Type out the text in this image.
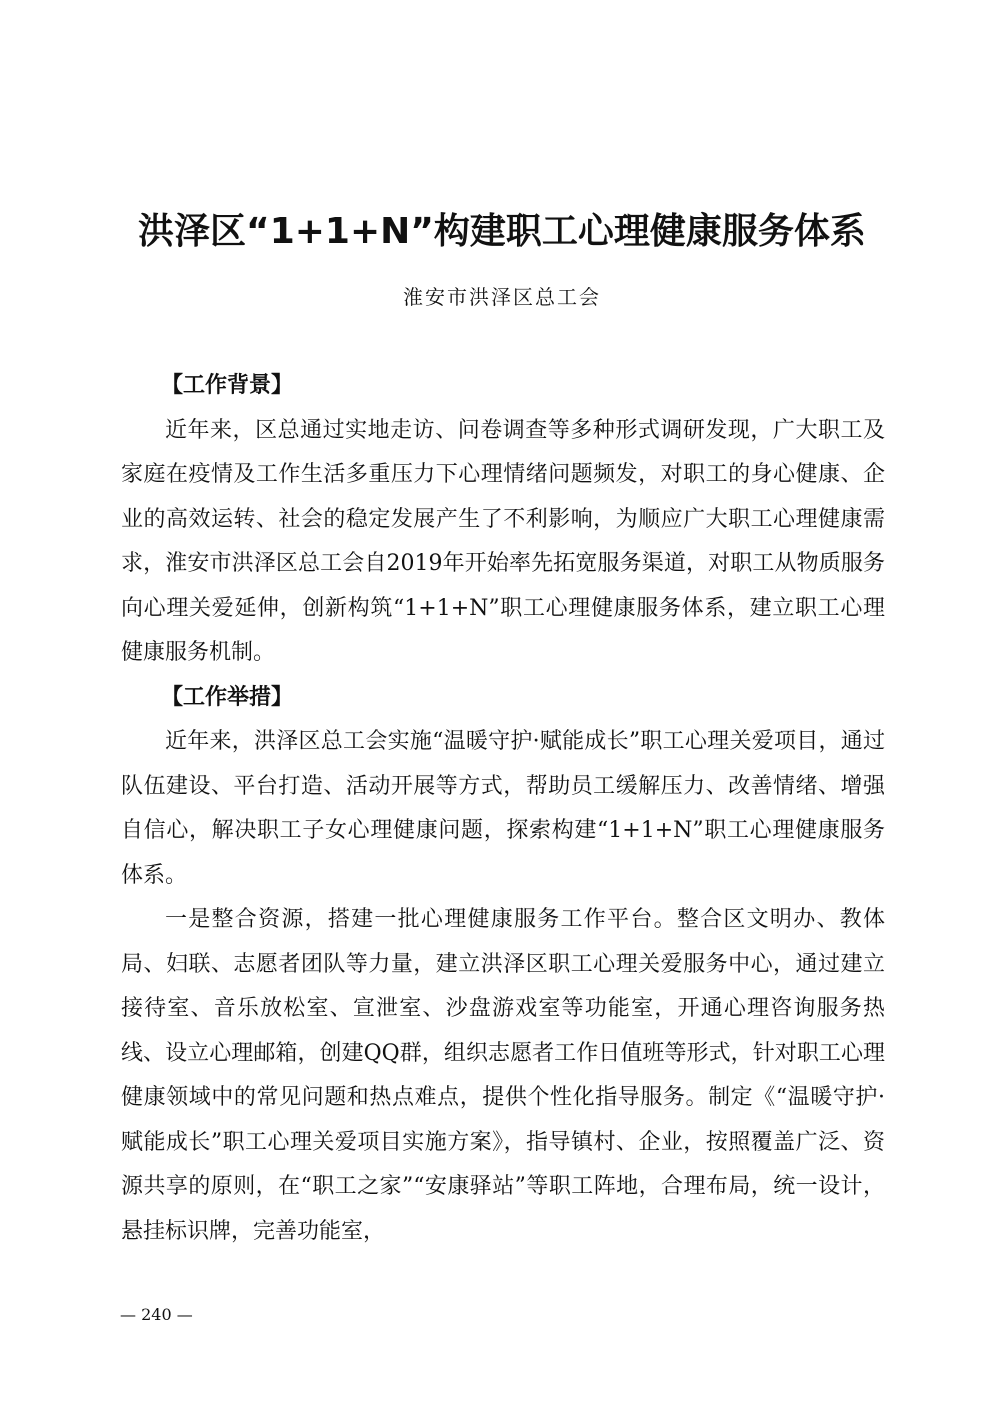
洪泽区“1+1+N”构建职工心理健康服务体系
淮安市洪泽区总工会
【工作背景】

近年来，区总通过实地走访、问卷调查等多种形式调研发现，广大职工及家庭在疫情及工作生活多重压力下心理情绪问题频发，对职工的身心健康、企业的高效运转、社会的稳定发展产生了不利影响，为顺应广大职工心理健康需求，淮安市洪泽区总工会自2019年开始率先拓宽服务渠道，对职工从物质服务向心理关爱延伸，创新构筑“1+1+N”职工心理健康服务体系，建立职工心理健康服务机制。

【工作举措】

近年来，洪泽区总工会实施“温暖守护·赋能成长”职工心理关爱项目，通过队伍建设、平台打造、活动开展等方式，帮助员工缓解压力、改善情绪、增强自信心，解决职工子女心理健康问题，探索构建“1+1+N”职工心理健康服务体系。

一是整合资源，搭建一批心理健康服务工作平台。整合区文明办、教体局、妇联、志愿者团队等力量，建立洪泽区职工心理关爱服务中心，通过建立接待室、音乐放松室、宣泄室、沙盘游戏室等功能室，开通心理咨询服务热线、设立心理邮箱，创建QQ群，组织志愿者工作日值班等形式，针对职工心理健康领域中的常见问题和热点难点，提供个性化指导服务。制定《“温暖守护·赋能成长”职工心理关爱项目实施方案》，指导镇村、企业，按照覆盖广泛、资源共享的原则，在“职工之家”“安康驿站”等职工阵地，合理布局，统一设计，悬挂标识牌，完善功能室，

— 240 —
